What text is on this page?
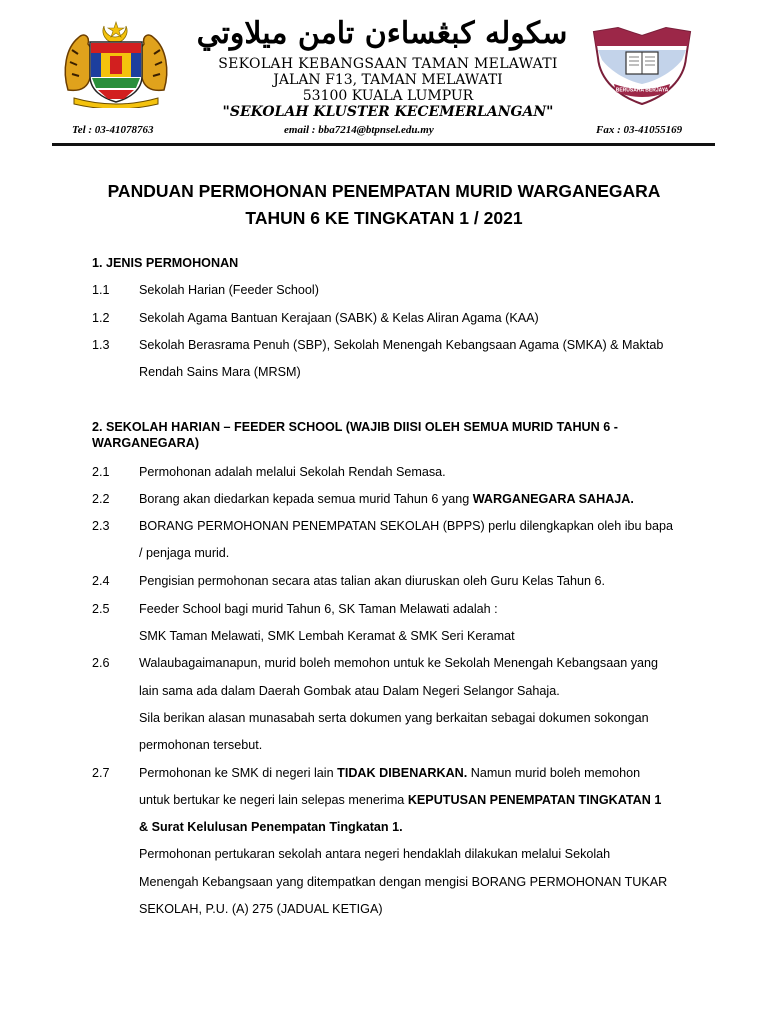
سکوله کبڠساءن تامن ميلاوتي
SEKOLAH KEBANGSAAN TAMAN MELAWATI
JALAN F13, TAMAN MELAWATI
53100 KUALA LUMPUR
"SEKOLAH KLUSTER KECEMERLANGAN"
BERUSAHA BERJAYA
Tel : 03-41078763	email : bba7214@btpnsel.edu.my	Fax : 03-41055169
PANDUAN PERMOHONAN PENEMPATAN MURID WARGANEGARA
TAHUN 6 KE TINGKATAN 1 / 2021
1. JENIS PERMOHONAN
1.1 Sekolah Harian (Feeder School)
1.2 Sekolah Agama Bantuan Kerajaan (SABK) & Kelas Aliran Agama (KAA)
1.3 Sekolah Berasrama Penuh (SBP), Sekolah Menengah Kebangsaan Agama (SMKA) & Maktab
Rendah Sains Mara (MRSM)
2. SEKOLAH HARIAN – FEEDER SCHOOL (WAJIB DIISI OLEH SEMUA MURID TAHUN 6 -
WARGANEGARA)
2.1 Permohonan adalah melalui Sekolah Rendah Semasa.
2.2 Borang akan diedarkan kepada semua murid Tahun 6 yang WARGANEGARA SAHAJA.
2.3 BORANG PERMOHONAN PENEMPATAN SEKOLAH (BPPS) perlu dilengkapkan oleh ibu bapa
/ penjaga murid.
2.4 Pengisian permohonan secara atas talian akan diuruskan oleh Guru Kelas Tahun 6.
2.5 Feeder School bagi murid Tahun 6, SK Taman Melawati adalah :
SMK Taman Melawati, SMK Lembah Keramat & SMK Seri Keramat
2.6 Walaubagaimanapun, murid boleh memohon untuk ke Sekolah Menengah Kebangsaan yang
lain sama ada dalam Daerah Gombak atau Dalam Negeri Selangor Sahaja.
Sila berikan alasan munasabah serta dokumen yang berkaitan sebagai dokumen sokongan
permohonan tersebut.
2.7 Permohonan ke SMK di negeri lain TIDAK DIBENARKAN. Namun murid boleh memohon
untuk bertukar ke negeri lain selepas menerima KEPUTUSAN PENEMPATAN TINGKATAN 1
& Surat Kelulusan Penempatan Tingkatan 1.
Permohonan pertukaran sekolah antara negeri hendaklah dilakukan melalui Sekolah
Menengah Kebangsaan yang ditempatkan dengan mengisi BORANG PERMOHONAN TUKAR
SEKOLAH, P.U. (A) 275 (JADUAL KETIGA)
